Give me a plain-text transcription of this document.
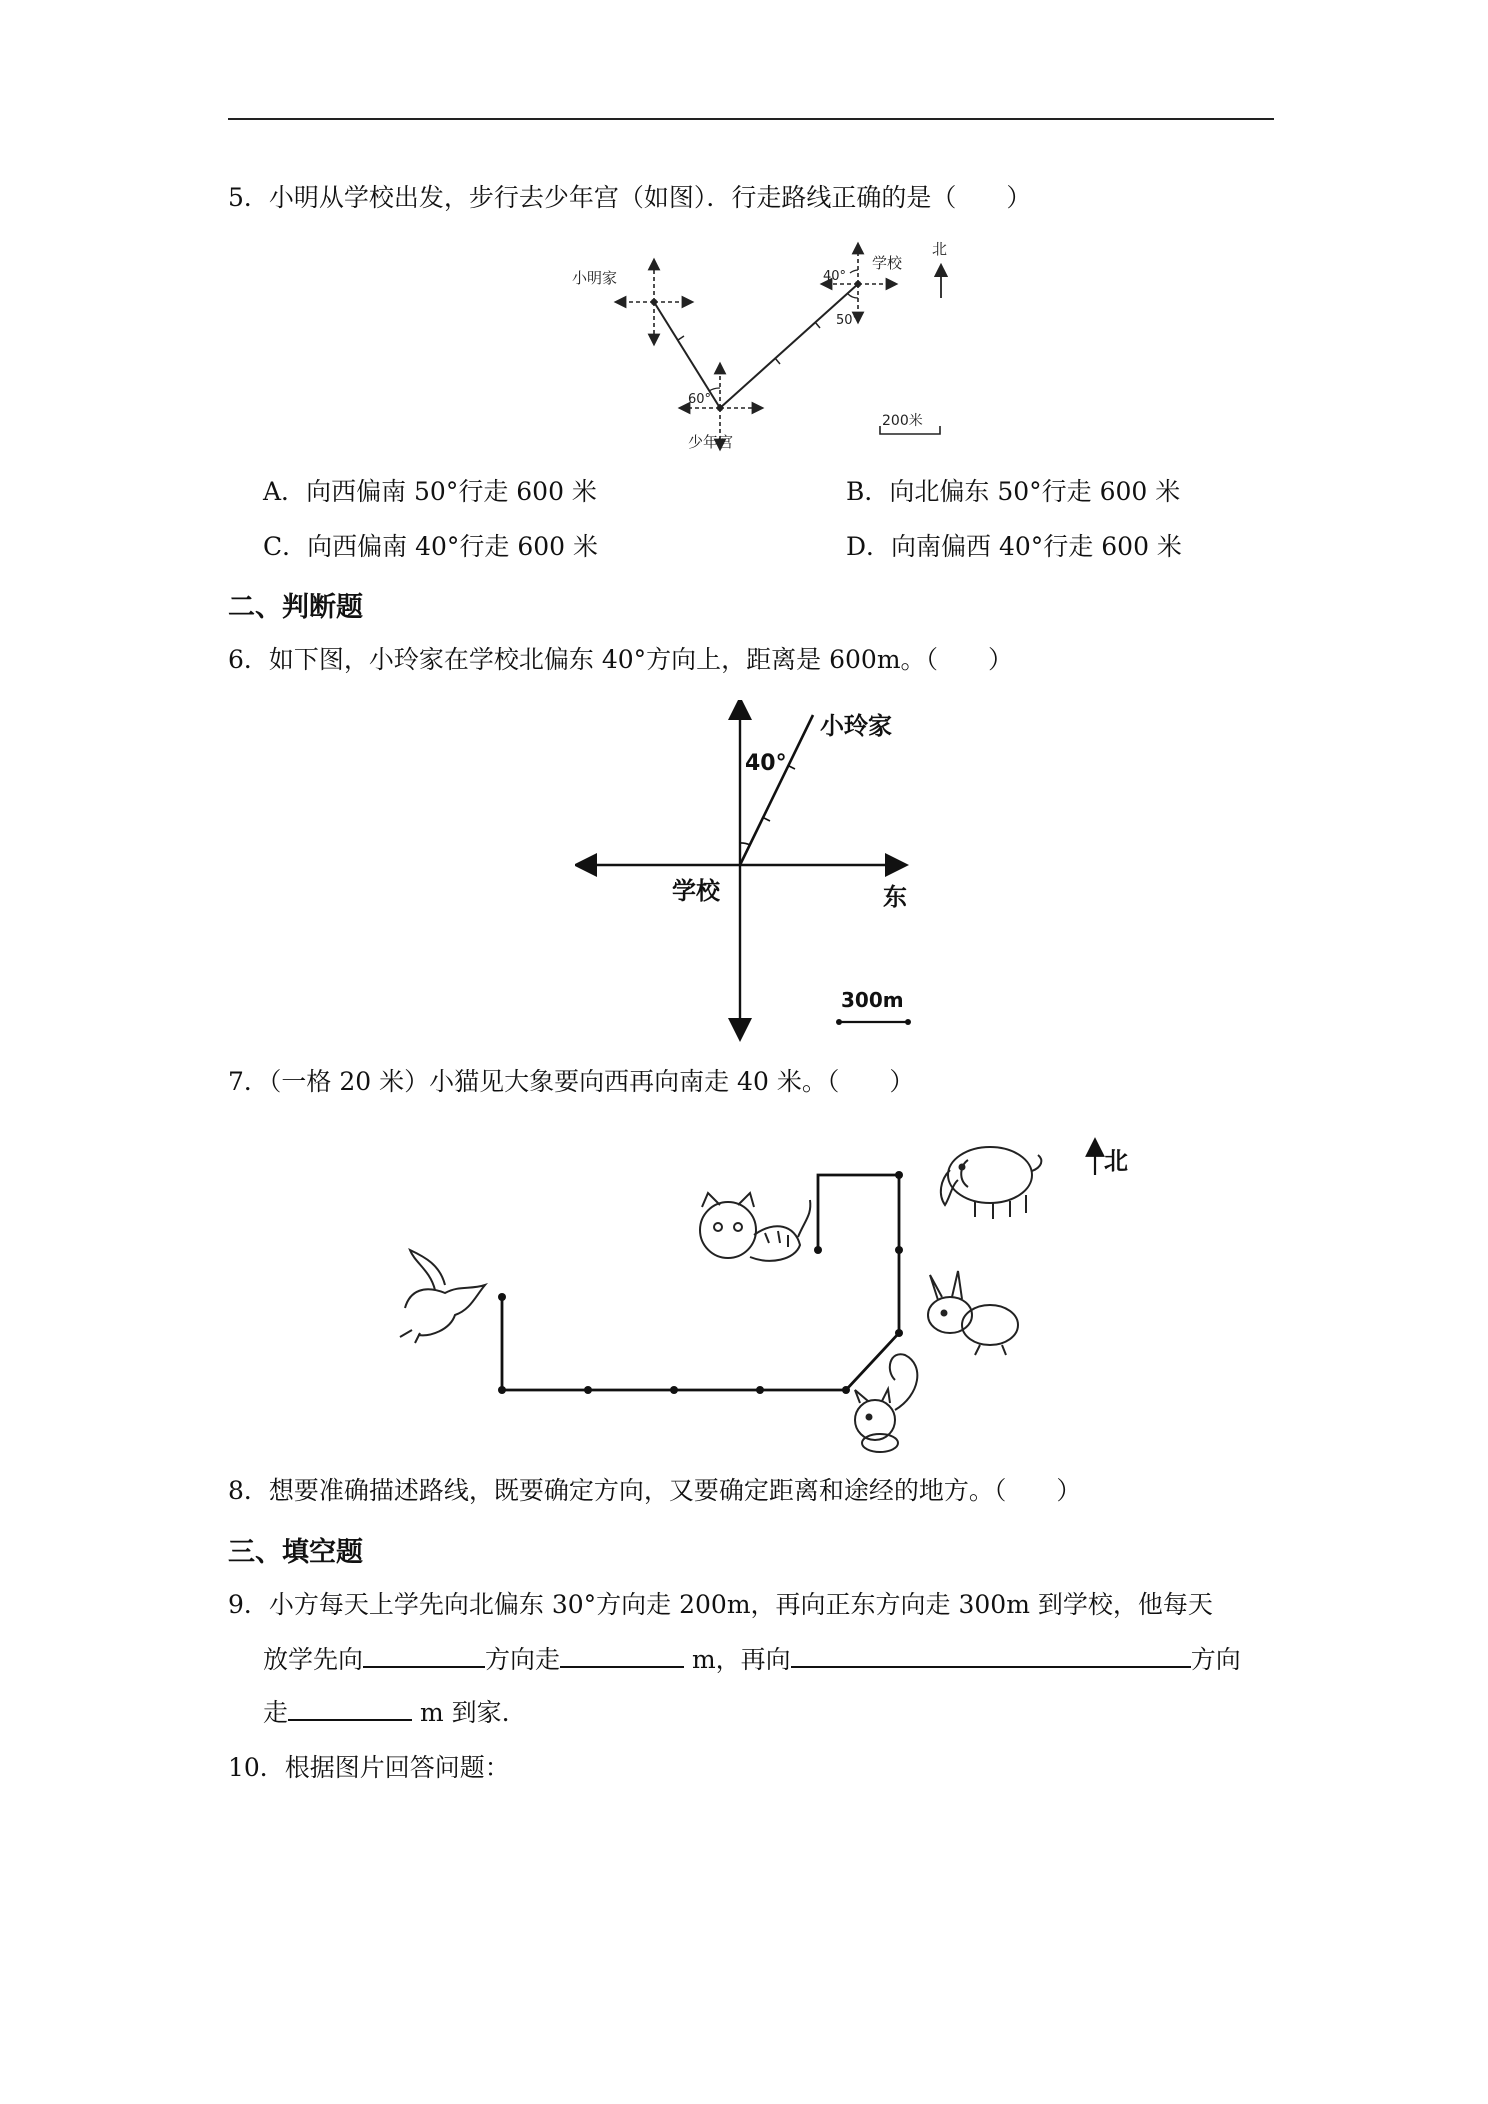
5．小明从学校出发，步行去少年宫（如图）．行走路线正确的是（　　）
小明家
学校
少年宫
60°
40°
50°
北
200米
A．向西偏南 50°行走 600 米	B．向北偏东 50°行走 600 米
C．向西偏南 40°行走 600 米	D．向南偏西 40°行走 600 米
二、判断题
6．如下图，小玲家在学校北偏东 40°方向上，距离是 600m。（　　）
40°
小玲家
学校	东
300m
7．（一格 20 米）小猫见大象要向西再向南走 40 米。（　　）
北
8．想要准确描述路线，既要确定方向，又要确定距离和途经的地方。（　　）
三、填空题
9．小方每天上学先向北偏东 30°方向走 200m，再向正东方向走 300m 到学校，他每天
放学先向	方向走	m，再向	方向
走	m 到家.
10．根据图片回答问题：
